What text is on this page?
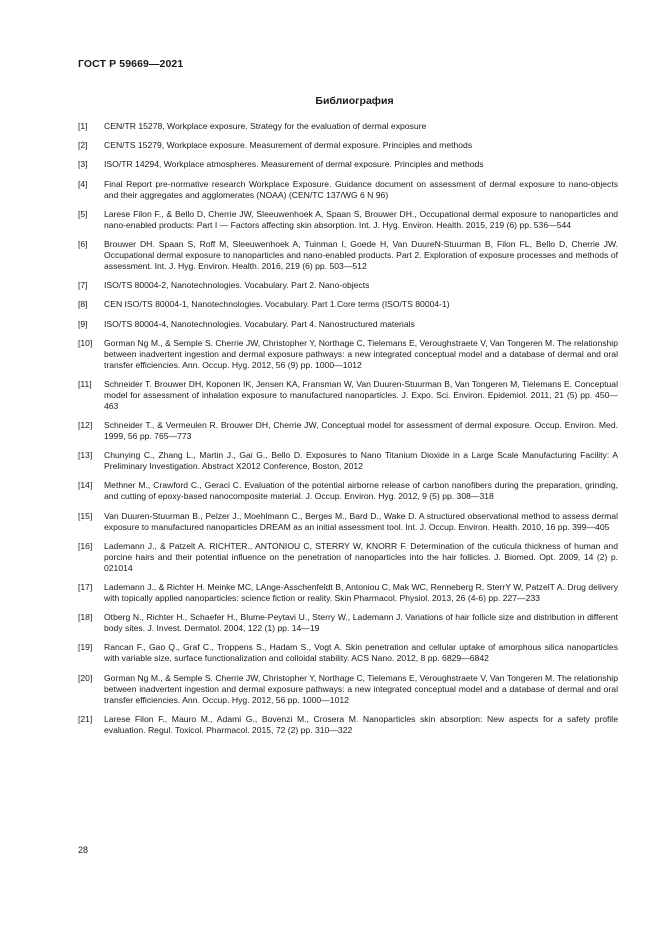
ГОСТ Р 59669—2021
Библиография
[1]	CEN/TR 15278, Workplace exposure. Strategy for the evaluation of dermal exposure
[2]	CEN/TS 15279, Workplace exposure. Measurement of dermal exposure. Principles and methods
[3]	ISO/TR 14294, Workplace atmospheres. Measurement of dermal exposure. Principles and methods
[4]	Final Report pre-normative research Workplace Exposure. Guidance document on assessment of dermal exposure to nano-objects and their aggregates and agglomerates (NOAA) (CEN/TC 137/WG 6 N 96)
[5]	Larese Filon F., & Bello D, Cherrie JW, Sleeuwenhoek A, Spaan S, Brouwer DH., Occupational dermal exposure to nanoparticles and nano-enabled products: Part I — Factors affecting skin absorption. Int. J. Hyg. Environ. Health. 2015, 219 (6) pp. 536—544
[6]	Brouwer DH. Spaan S, Roff M, Sleeuwenhoek A, Tuinman I, Goede H, Van DuureN-Stuurman B, Filon FL, Bello D, Cherrie JW. Occupational dermal exposure to nanoparticles and nano-enabled products. Part 2. Exploration of exposure processes and methods of assessment. Int. J. Hyg. Environ. Health. 2016, 219 (6) pp. 503—512
[7]	ISO/TS 80004-2, Nanotechnologies. Vocabulary. Part 2. Nano-objects
[8]	CEN ISO/TS 80004-1, Nanotechnologies. Vocabulary. Part 1.Core terms (ISO/TS 80004-1)
[9]	ISO/TS 80004-4, Nanotechnologies. Vocabulary. Part 4. Nanostructured materials
[10]	Gorman Ng M., & Semple S. Cherrie JW, Christopher Y, Northage C, Tielemans E, Veroughstraete V, Van Tongeren M. The relationship between inadvertent ingestion and dermal exposure pathways: a new integrated conceptual model and a database of dermal and oral transfer efficiencies. Ann. Occup. Hyg. 2012, 56 (9) pp. 1000—1012
[11]	Schneider T. Brouwer DH, Koponen IK, Jensen KA, Fransman W, Van Duuren-Stuurman B, Van Tongeren M, Tielemans E. Conceptual model for assessment of inhalation exposure to manufactured nanoparticles. J. Expo. Sci. Environ. Epidemiol. 2011, 21 (5) pp. 450—463
[12]	Schneider T., & Vermeulen R. Brouwer DH, Cherrie JW, Conceptual model for assessment of dermal exposure. Occup. Environ. Med. 1999, 56 pp. 765—773
[13]	Chunying C., Zhang L., Martin J., Gai G., Bello D. Exposures to Nano Titanium Dioxide in a Large Scale Manufacturing Facility: A Preliminary Investigation. Abstract X2012 Conference, Boston, 2012
[14]	Methner M., Crawford C., Geraci C. Evaluation of the potential airborne release of carbon nanofibers during the preparation, grinding, and cutting of epoxy-based nanocomposite material. J. Occup. Environ. Hyg. 2012, 9 (5) pp. 308—318
[15]	Van Duuren-Stuurman B., Pelzer J., Moehlmann C., Berges M., Bard D., Wake D. A structured observational method to assess dermal exposure to manufactured nanoparticles DREAM as an initial assessment tool. Int. J. Occup. Environ. Health. 2010, 16 pp. 399—405
[16]	Lademann J., & Patzelt A. RICHTER., ANTONIOU C, STERRY W, KNORR F. Determination of the cuticula thickness of human and porcine hairs and their potential influence on the penetration of nanoparticles into the hair follicles. J. Biomed. Opt. 2009, 14 (2) p. 021014
[17]	Lademann J., & Richter H. Meinke MC, LAnge-Asschenfeldt B, Antoniou C, Mak WC, Renneberg R, SterrY W, PatzelT A. Drug delivery with topically applied nanoparticles: science fiction or reality. Skin Pharmacol. Physiol. 2013, 26 (4-6) pp. 227—233
[18]	Otberg N., Richter H., Schaefer H., Blume-Peytavi U., Sterry W., Lademann J. Variations of hair follicle size and distribution in different body sites. J. Invest. Dermatol. 2004, 122 (1) pp. 14—19
[19]	Rancan F., Gao Q., Graf C., Troppens S., Hadam S., Vogt A. Skin penetration and cellular uptake of amorphous silica nanoparticles with variable size, surface functionalization and colloidal stability. ACS Nano. 2012, 8 pp. 6829—6842
[20]	Gorman Ng M., & Semple S. Cherrie JW, Christopher Y, Northage C, Tielemans E, Veroughstraete V, Van Tongeren M. The relationship between inadvertent ingestion and dermal exposure pathways: a new integrated conceptual model and a database of dermal and oral transfer efficiencies. Ann. Occup. Hyg. 2012, 56 pp. 1000—1012
[21]	Larese Filon F., Mauro M., Adami G., Bovenzi M., Crosera M. Nanoparticles skin absorption: New aspects for a safety profile evaluation. Regul. Toxicol. Pharmacol. 2015, 72 (2) pp. 310—322
28
